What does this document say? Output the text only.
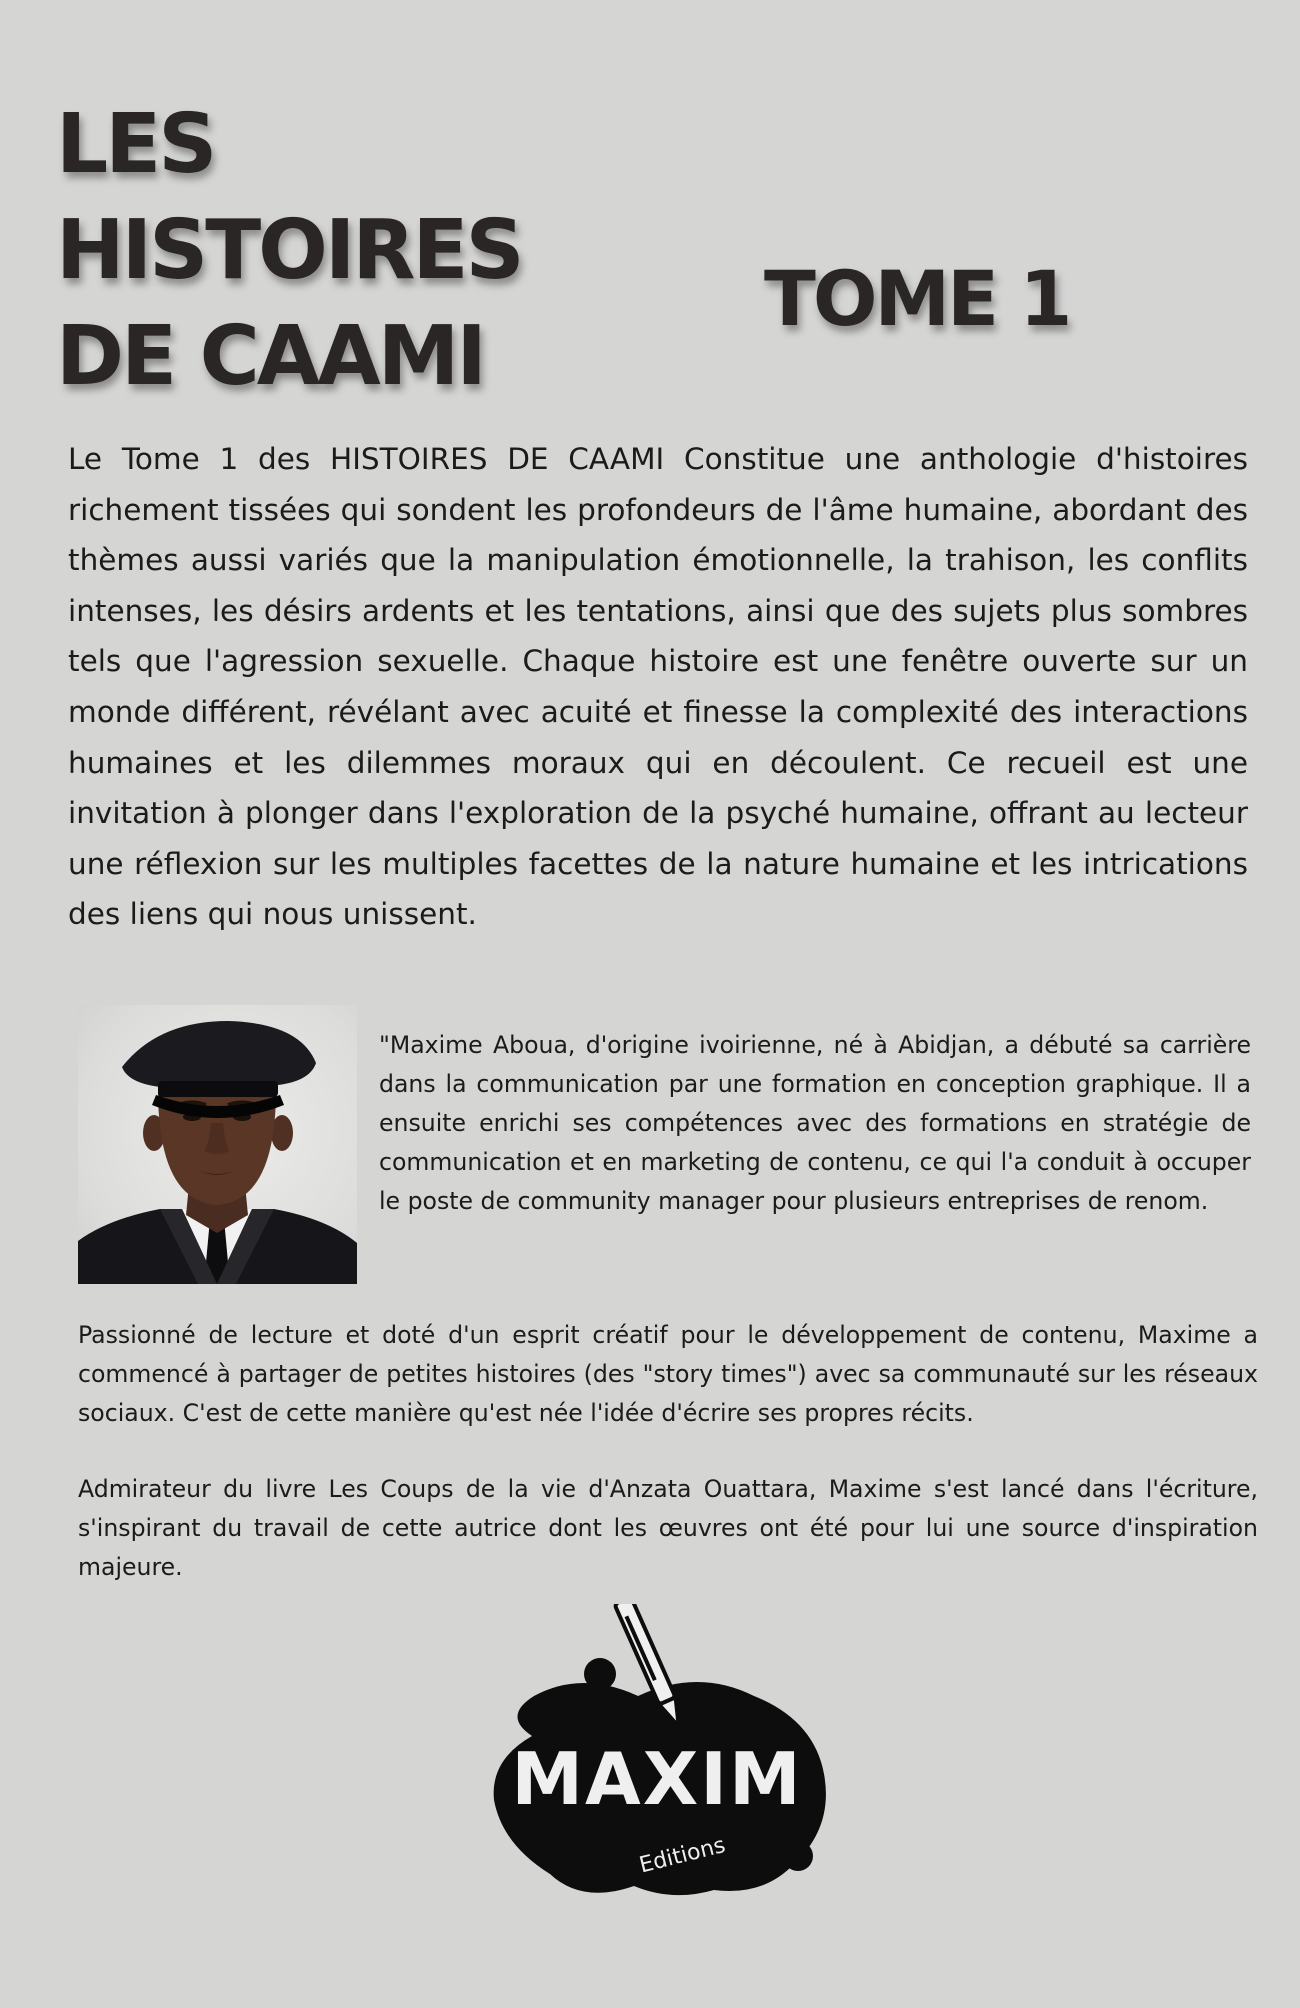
LES
HISTOIRES
DE CAAMI
TOME 1

Le Tome 1 des HISTOIRES DE CAAMI Constitue une anthologie d'histoires richement tissées qui sondent les profondeurs de l'âme humaine, abordant des thèmes aussi variés que la manipulation émotionnelle, la trahison, les conflits intenses, les désirs ardents et les tentations, ainsi que des sujets plus sombres tels que l'agression sexuelle. Chaque histoire est une fenêtre ouverte sur un monde différent, révélant avec acuité et finesse la complexité des interactions humaines et les dilemmes moraux qui en découlent. Ce recueil est une invitation à plonger dans l'exploration de la psyché humaine, offrant au lecteur une réflexion sur les multiples facettes de la nature humaine et les intrications des liens qui nous unissent.

"Maxime Aboua, d'origine ivoirienne, né à Abidjan, a débuté sa carrière dans la communication par une formation en conception graphique. Il a ensuite enrichi ses compétences avec des formations en stratégie de communication et en marketing de contenu, ce qui l'a conduit à occuper le poste de community manager pour plusieurs entreprises de renom.

Passionné de lecture et doté d'un esprit créatif pour le développement de contenu, Maxime a commencé à partager de petites histoires (des "story times") avec sa communauté sur les réseaux sociaux. C'est de cette manière qu'est née l'idée d'écrire ses propres récits.

Admirateur du livre Les Coups de la vie d'Anzata Ouattara, Maxime s'est lancé dans l'écriture, s'inspirant du travail de cette autrice dont les œuvres ont été pour lui une source d'inspiration majeure.

MAXIM
Editions
